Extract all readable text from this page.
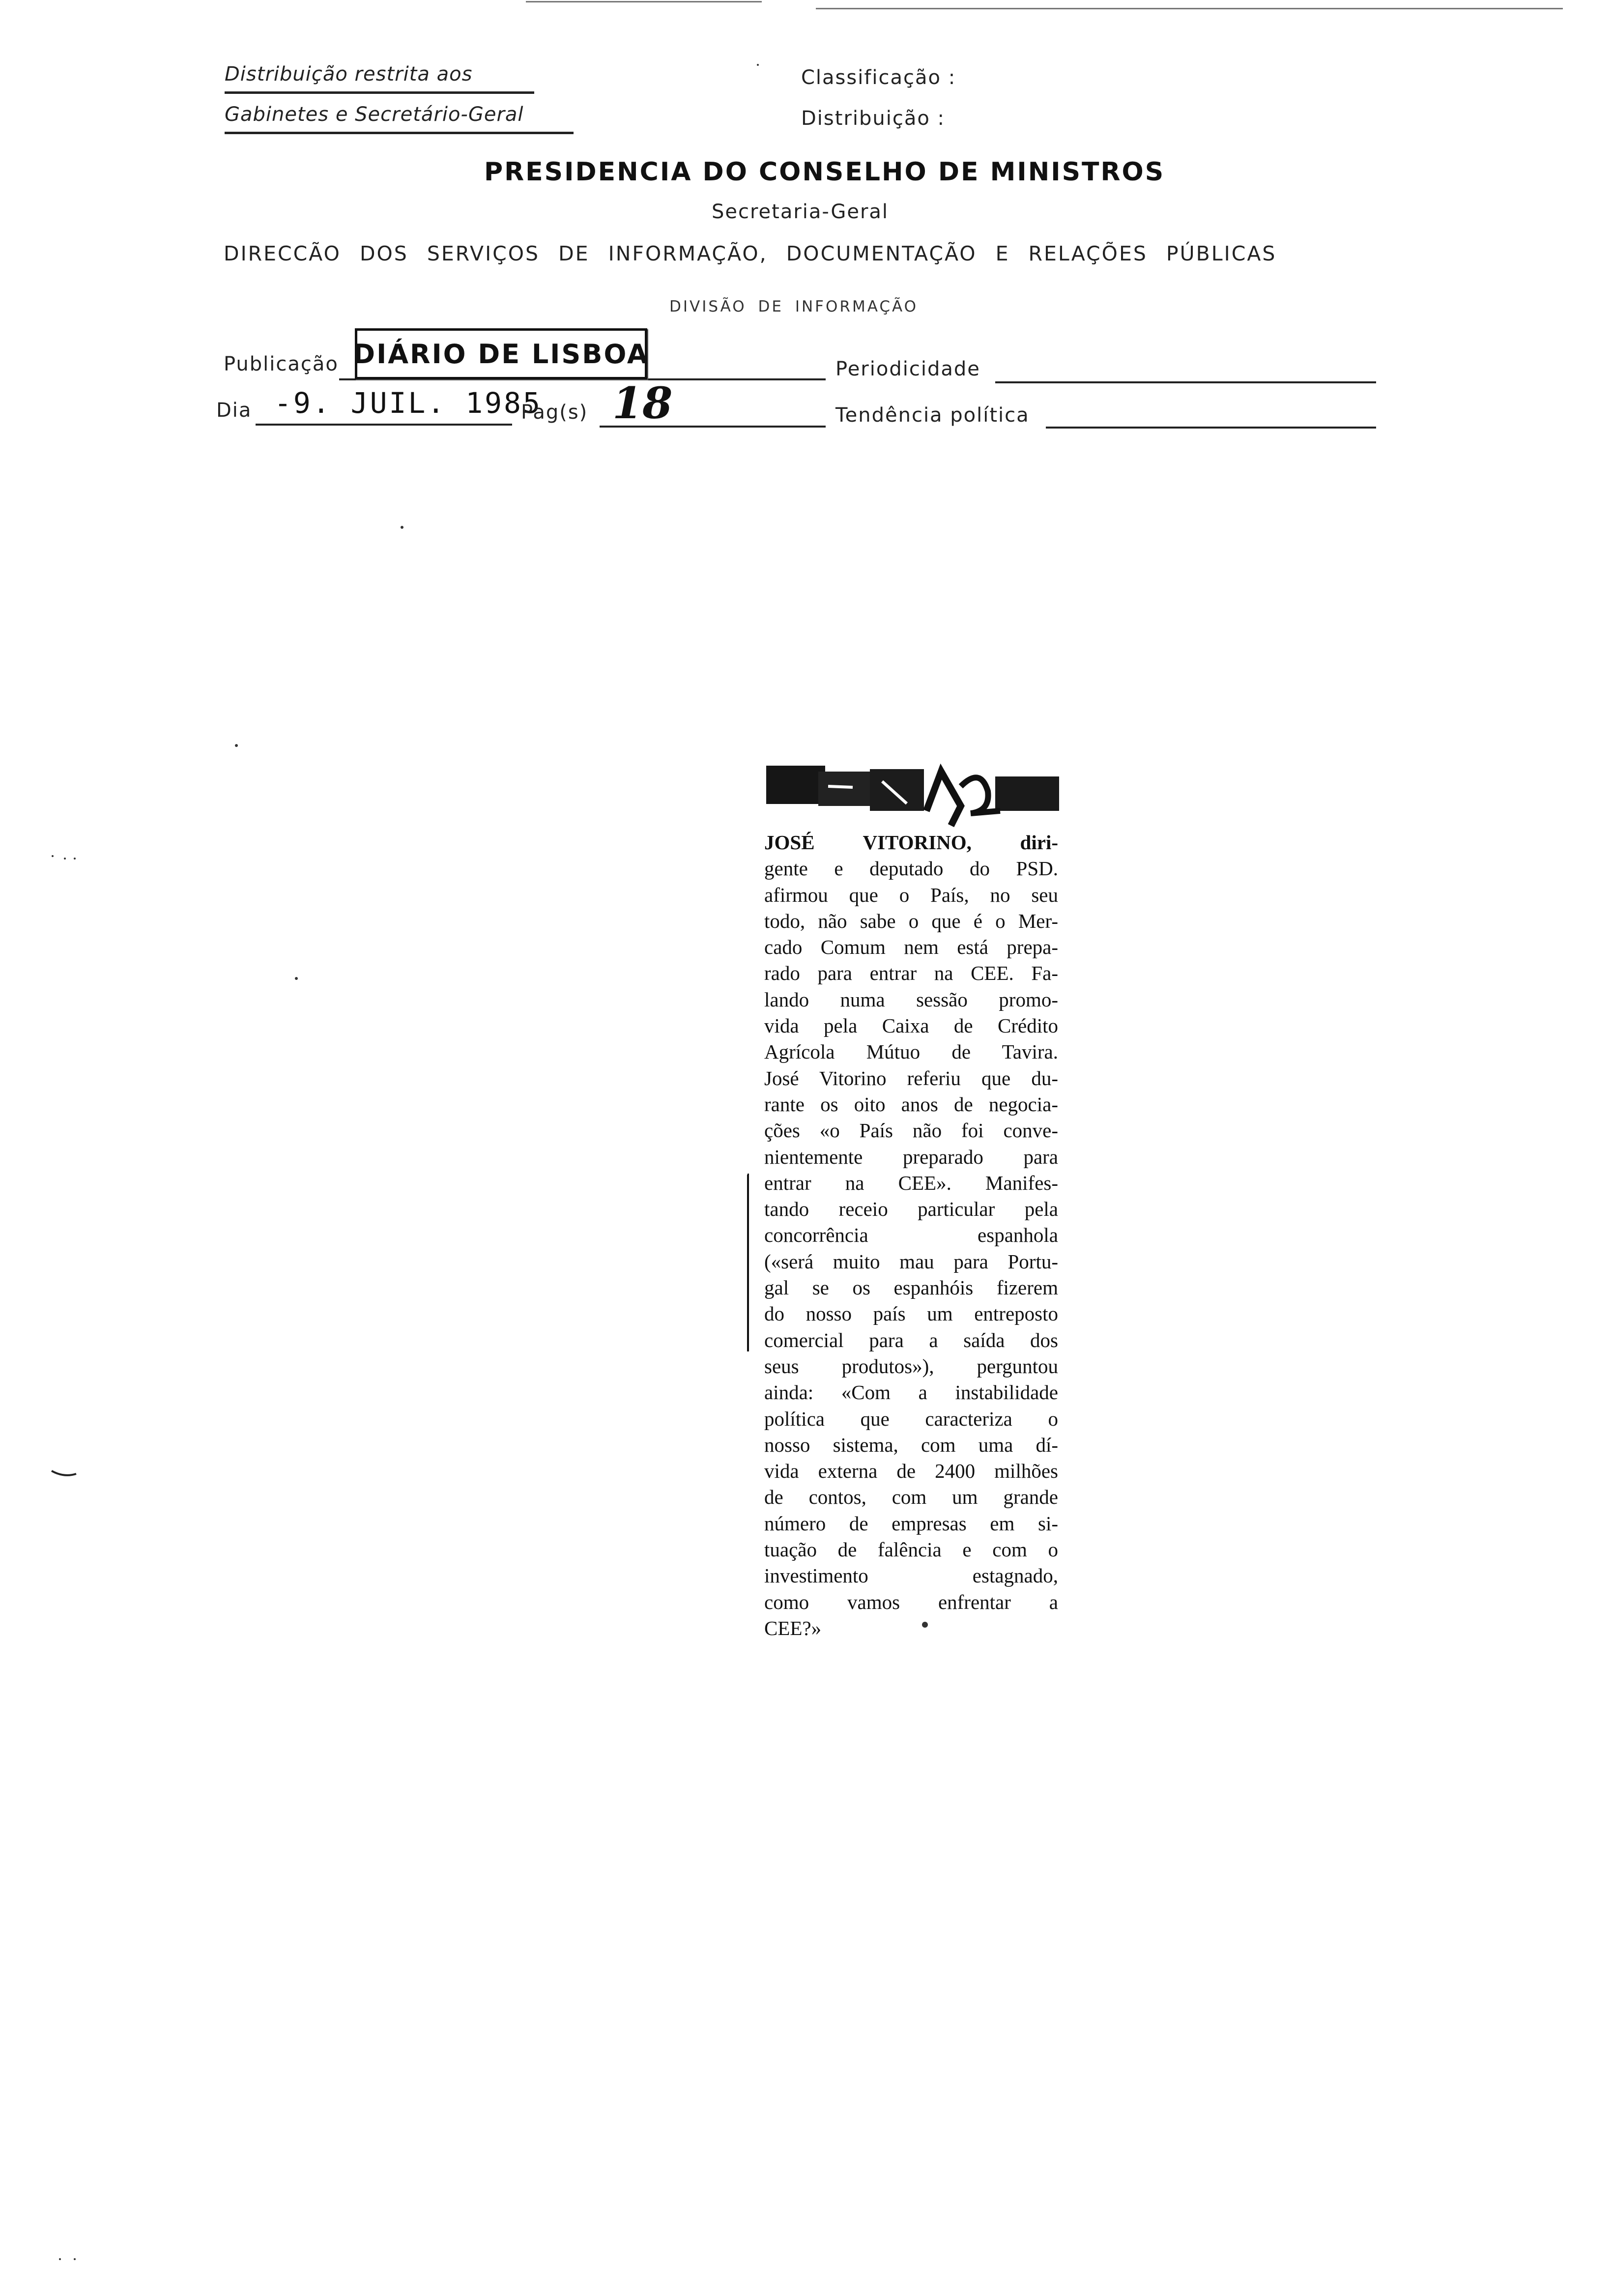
Distribuição restrita aos
Gabinetes e Secretário-Geral
Classificação :
Distribuição :
PRESIDENCIA DO CONSELHO DE MINISTROS
Secretaria-Geral
DIRECCÃO DOS SERVIÇOS DE INFORMAÇÃO, DOCUMENTAÇÃO E RELAÇÕES PÚBLICAS
DIVISÃO DE INFORMAÇÃO
Publicação DIÁRIO DE LISBOA	Periodicidade
Dia -9. JUIL. 1985
Pag(s) 18	Tendência política

JOSÉ VITORINO, diri-

gente e deputado do PSD.

afirmou que o País, no seu

todo, não sabe o que é o Mer-

cado Comum nem está prepa-

rado para entrar na CEE. Fa-

lando numa sessão promo-

vida pela Caixa de Crédito

Agrícola Mútuo de Tavira.

José Vitorino referiu que du-

rante os oito anos de negocia-

ções «o País não foi conve-

nientemente preparado para

entrar na CEE». Manifes-

tando receio particular pela

concorrência espanhola

(«será muito mau para Portu-

gal se os espanhóis fizerem

do nosso país um entreposto

comercial para a saída dos

seus produtos»), perguntou

ainda: «Com a instabilidade

política que caracteriza o

nosso sistema, com uma dí-

vida externa de 2400 milhões

de contos, com um grande

número de empresas em si-

tuação de falência e com o

investimento estagnado,

como vamos enfrentar a

CEE?»
